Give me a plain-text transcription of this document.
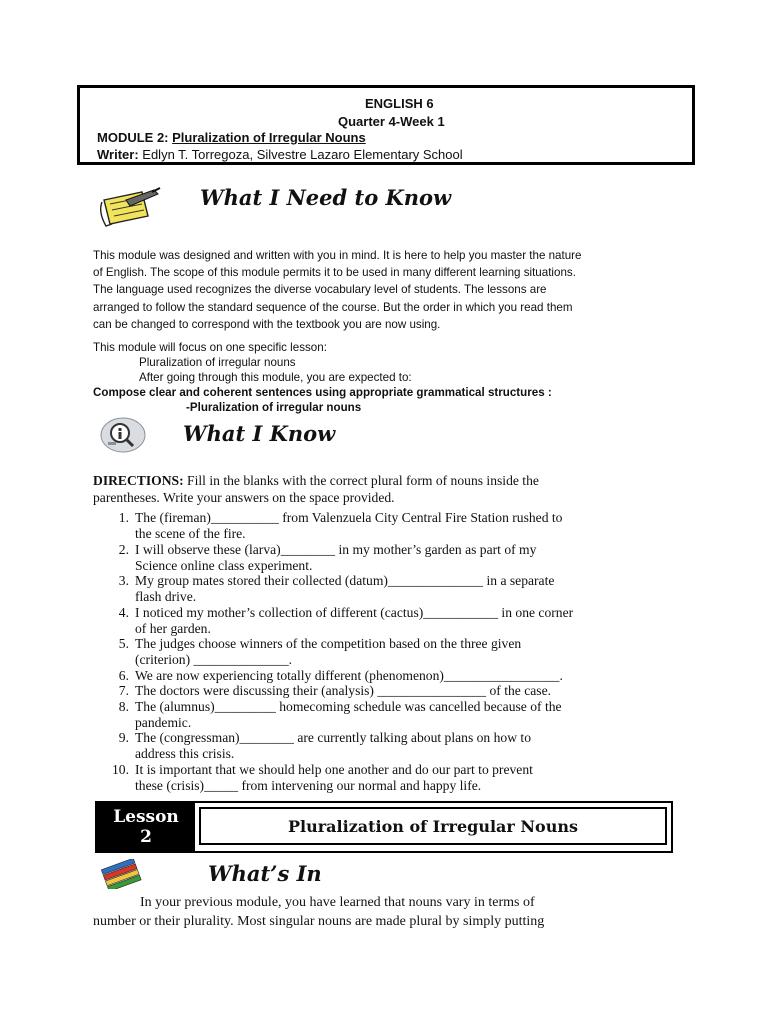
ENGLISH 6
Quarter 4-Week 1
MODULE 2: Pluralization of Irregular Nouns
Writer: Edlyn T. Torregoza, Silvestre Lazaro Elementary School
What I Need to Know
This module was designed and written with you in mind. It is here to help you master the nature
of English. The scope of this module permits it to be used in many different learning situations.
The language used recognizes the diverse vocabulary level of students. The lessons are
arranged to follow the standard sequence of the course. But the order in which you read them
can be changed to correspond with the textbook you are now using.
This module will focus on one specific lesson:
Pluralization of irregular nouns
After going through this module, you are expected to:
Compose clear and coherent sentences using appropriate grammatical structures :
-Pluralization of irregular nouns
What I Know
DIRECTIONS: Fill in the blanks with the correct plural form of nouns inside the
parentheses. Write your answers on the space provided.
1. The (fireman)__________ from Valenzuela City Central Fire Station rushed to
the scene of the fire.
2. I will observe these (larva)________ in my mother’s garden as part of my
Science online class experiment.
3. My group mates stored their collected (datum)______________ in a separate
flash drive.
4. I noticed my mother’s collection of different (cactus)___________ in one corner
of her garden.
5. The judges choose winners of the competition based on the three given
(criterion) ______________.
6. We are now experiencing totally different (phenomenon)_________________.
7. The doctors were discussing their (analysis) ________________ of the case.
8. The (alumnus)_________ homecoming schedule was cancelled because of the
pandemic.
9. The (congressman)________ are currently talking about plans on how to
address this crisis.
10. It is important that we should help one another and do our part to prevent
these (crisis)_____ from intervening our normal and happy life.
Lesson
2
Pluralization of Irregular Nouns
What’s In
In your previous module, you have learned that nouns vary in terms of
number or their plurality. Most singular nouns are made plural by simply putting
